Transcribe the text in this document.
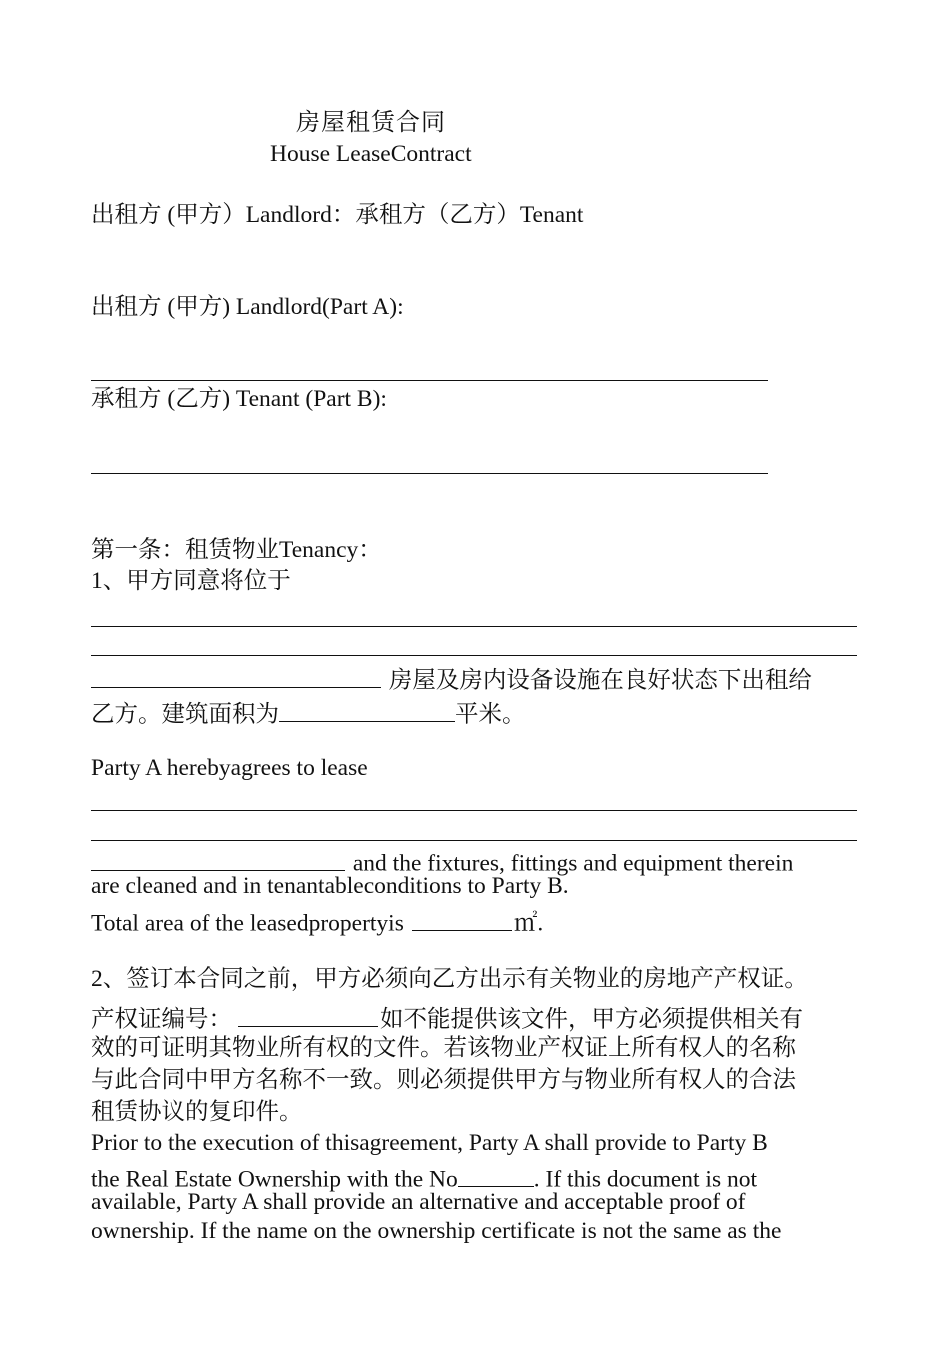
房屋租赁合同
House LeaseContract
出租方 (甲方）Landlord：承租方（乙方）Tenant
出租方 (甲方) Landlord(Part A):
承租方 (乙方) Tenant (Part B):
第一条：租赁物业Tenancy：
1、甲方同意将位于
房屋及房内设备设施在良好状态下出租给
乙方。建筑面积为	平米。
Party A herebyagrees to lease
and the fixtures, fittings and equipment therein
are cleaned and in tenantableconditions to Party B.
Total area of the leasedpropertyis	㎡.
2、签订本合同之前，甲方必须向乙方出示有关物业的房地产产权证。
产权证编号：	如不能提供该文件，甲方必须提供相关有
效的可证明其物业所有权的文件。若该物业产权证上所有权人的名称
与此合同中甲方名称不一致。则必须提供甲方与物业所有权人的合法
租赁协议的复印件。
Prior to the execution of thisagreement, Party A shall provide to Party B
the Real Estate Ownership with the No	. If this document is not
available, Party A shall provide an alternative and acceptable proof of
ownership. If the name on the ownership certificate is not the same as the
